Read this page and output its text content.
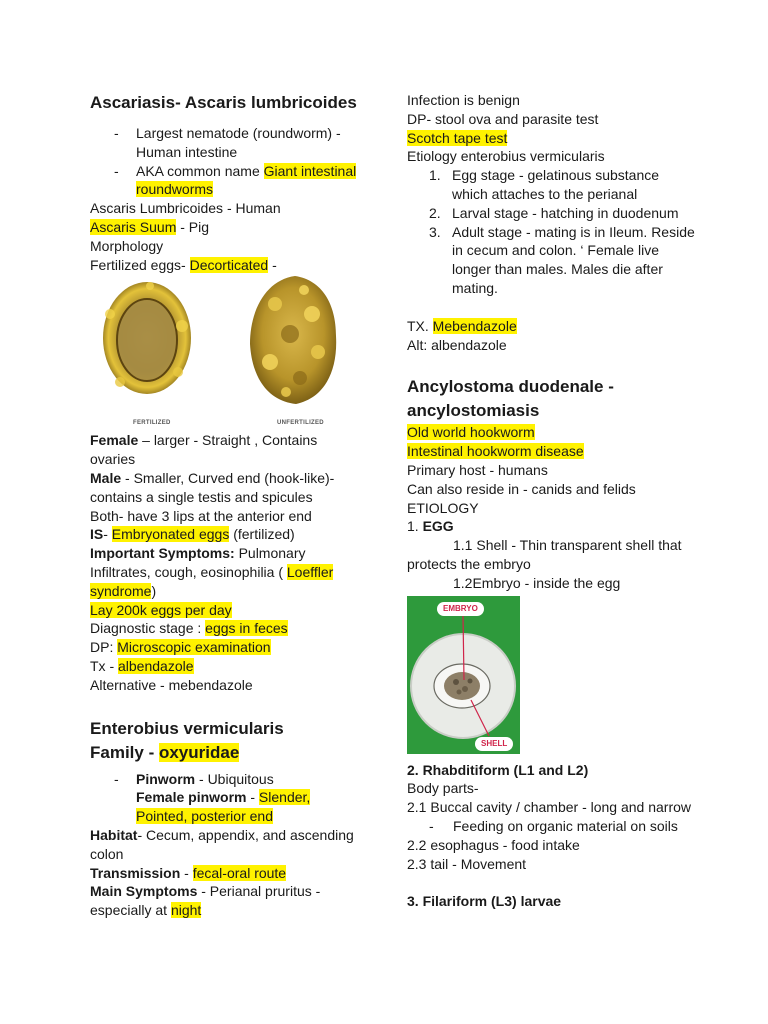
Ascariasis- Ascaris lumbricoides
- Largest nematode (roundworm) - Human intestine
- AKA common name Giant intestinal roundworms
Ascaris Lumbricoides - Human
Ascaris Suum - Pig
Morphology
Fertilized eggs- Decorticated -
FERTILIZED	UNFERTILIZED
Female – larger - Straight , Contains ovaries
Male - Smaller, Curved end (hook-like)- contains a single testis and spicules
Both- have 3 lips at the anterior end
IS- Embryonated eggs (fertilized)
Important Symptoms: Pulmonary Infiltrates, cough, eosinophilia ( Loeffler syndrome)
Lay 200k eggs per day
Diagnostic stage : eggs in feces
DP: Microscopic examination
Tx - albendazole
Alternative - mebendazole
Enterobius vermicularis
Family - oxyuridae
- Pinworm - Ubiquitous
Female pinworm - Slender, Pointed, posterior end
Habitat- Cecum, appendix, and ascending colon
Transmission - fecal-oral route
Main Symptoms - Perianal pruritus - especially at night
Infection is benign
DP- stool ova and parasite test
Scotch tape test
Etiology enterobius vermicularis
1. Egg stage - gelatinous substance which attaches to the perianal
2. Larval stage - hatching in duodenum
3. Adult stage - mating is in Ileum. Reside in cecum and colon. ‘ Female live longer than males. Males die after mating.
TX. Mebendazole
Alt: albendazole
Ancylostoma duodenale - ancylostomiasis
Old world hookworm
Intestinal hookworm disease
Primary host - humans
Can also reside in - canids and felids
ETIOLOGY
1. EGG
1.1 Shell - Thin transparent shell that protects the embryo
1.2Embryo - inside the egg
EMBRYO
SHELL
2. Rhabditiform (L1 and L2)
Body parts-
2.1 Buccal cavity / chamber - long and narrow
- Feeding on organic material on soils
2.2 esophagus - food intake
2.3 tail - Movement
3. Filariform (L3) larvae
